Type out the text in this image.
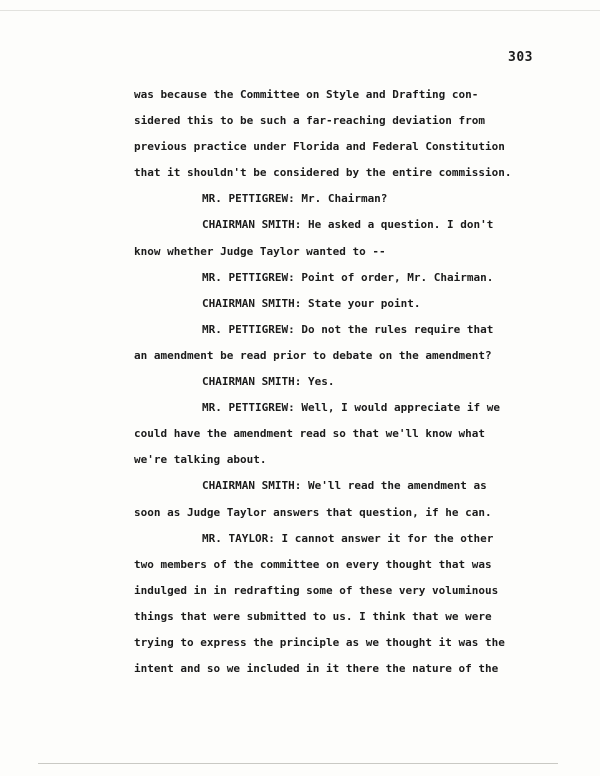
303
was because the Committee on Style and Drafting con-
sidered this to be such a far-reaching deviation from
previous practice under Florida and Federal Constitution
that it shouldn't be considered by the entire commission.
MR. PETTIGREW: Mr. Chairman?
CHAIRMAN SMITH: He asked a question. I don't
know whether Judge Taylor wanted to --
MR. PETTIGREW: Point of order, Mr. Chairman.
CHAIRMAN SMITH: State your point.
MR. PETTIGREW: Do not the rules require that
an amendment be read prior to debate on the amendment?
CHAIRMAN SMITH: Yes.
MR. PETTIGREW: Well, I would appreciate if we
could have the amendment read so that we'll know what
we're talking about.
CHAIRMAN SMITH: We'll read the amendment as
soon as Judge Taylor answers that question, if he can.
MR. TAYLOR: I cannot answer it for the other
two members of the committee on every thought that was
indulged in in redrafting some of these very voluminous
things that were submitted to us. I think that we were
trying to express the principle as we thought it was the
intent and so we included in it there the nature of the
